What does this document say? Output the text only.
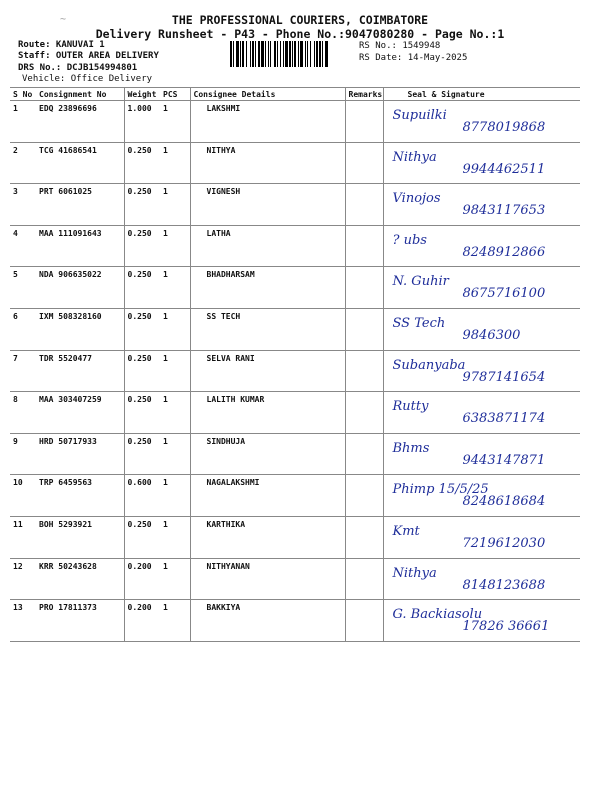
~	THE PROFESSIONAL COURIERS, COIMBATORE
Delivery Runsheet - P43 - Phone No.:9047080280 - Page No.:1
Route: KANUVAI 1
Staff: OUTER AREA DELIVERY
DRS No.: DCJB154994801
Vehicle: Office Delivery
RS No.: 1549948
RS Date: 14-May-2025
S No	Consignment No	Weight	PCS	Consignee Details	Remarks	Seal & Signature
1	EDQ 23896696	1.000	1	LAKSHMI		Supuilki
8778019868

2	TCG 41686541	0.250	1	NITHYA		Nithya
9944462511

3	PRT 6061025	0.250	1	VIGNESH		Vinojos
9843117653

4	MAA 111091643	0.250	1	LATHA		? ubs
8248912866

5	NDA 906635022	0.250	1	BHADHARSAM		N. Guhir
8675716100

6	IXM 508328160	0.250	1	SS TECH		SS Tech
9846300

7	TDR 5520477	0.250	1	SELVA RANI		Subanyaba
9787141654

8	MAA 303407259	0.250	1	LALITH KUMAR		Rutty
6383871174

9	HRD 50717933	0.250	1	SINDHUJA		Bhms
9443147871

10	TRP 6459563	0.600	1	NAGALAKSHMI		Phimp 15/5/25
8248618684

11	BOH 5293921	0.250	1	KARTHIKA		Kmt
7219612030

12	KRR 50243628	0.200	1	NITHYANAN		Nithya
8148123688

13	PRO 17811373	0.200	1	BAKKIYA		G. Backiasolu
17826 36661
